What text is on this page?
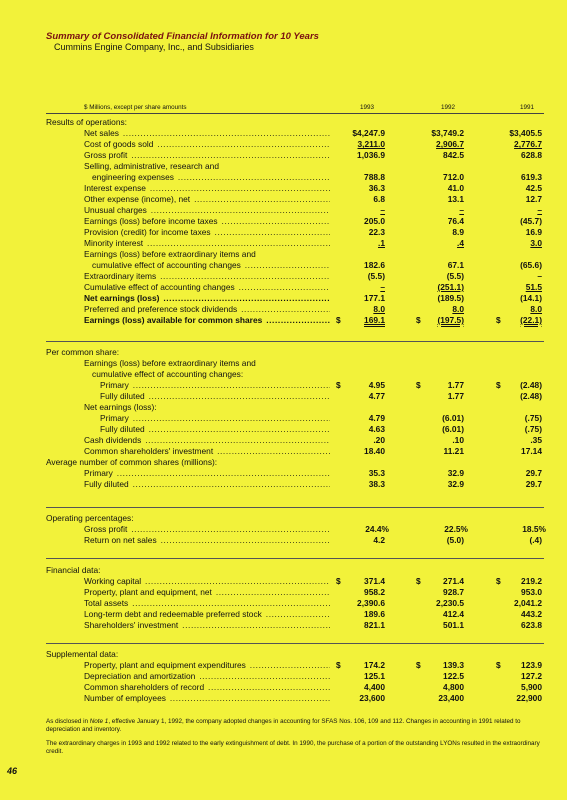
Summary of Consolidated Financial Information for 10 Years
Cummins Engine Company, Inc., and Subsidiaries
$ Millions, except per share amounts	1993	1992	1991
Results of operations:
Net sales .....	$4,247.9	$3,749.2	$3,405.5
Cost of goods sold .....	3,211.0	2,906.7	2,776.7
Gross profit .....	1,036.9	842.5	628.8
Selling, administrative, research and
engineering expenses .....	788.8	712.0	619.3
Interest expense .....	36.3	41.0	42.5
Other expense (income), net .....	6.8	13.1	12.7
Unusual charges .....	–	–	–
Earnings (loss) before income taxes .....	205.0	76.4	(45.7)
Provision (credit) for income taxes .....	22.3	8.9	16.9
Minority interest .....	.1	.4	3.0
Earnings (loss) before extraordinary items and
cumulative effect of accounting changes .....	182.6	67.1	(65.6)
Extraordinary items .....	(5.5)	(5.5)	–
Cumulative effect of accounting changes .....	–	(251.1)	51.5
Net earnings (loss) .....	177.1	(189.5)	(14.1)
Preferred and preference stock dividends .....	8.0	8.0	8.0
Earnings (loss) available for common shares .....	$	169.1	$	(197.5)	$	(22.1)
Per common share:
Earnings (loss) before extraordinary items and
cumulative effect of accounting changes:
Primary .....	$	4.95	$	1.77	$	(2.48)
Fully diluted .....	4.77	1.77	(2.48)
Net earnings (loss):
Primary .....	4.79	(6.01)	(.75)
Fully diluted .....	4.63	(6.01)	(.75)
Cash dividends .....	.20	.10	.35
Common shareholders' investment .....	18.40	11.21	17.14
Average number of common shares (millions):
Primary .....	35.3	32.9	29.7
Fully diluted .....	38.3	32.9	29.7
Operating percentages:
Gross profit .....	24.4%	22.5%	18.5%
Return on net sales .....	4.2	(5.0)	(.4)
Financial data:
Working capital .....	$	371.4	$	271.4	$	219.2
Property, plant and equipment, net .....	958.2	928.7	953.0
Total assets .....	2,390.6	2,230.5	2,041.2
Long-term debt and redeemable preferred stock .....	189.6	412.4	443.2
Shareholders' investment .....	821.1	501.1	623.8
Supplemental data:
Property, plant and equipment expenditures .....	$	174.2	$	139.3	$	123.9
Depreciation and amortization .....	125.1	122.5	127.2
Common shareholders of record .....	4,400	4,800	5,900
Number of employees .....	23,600	23,400	22,900
As disclosed in Note 1, effective January 1, 1992, the company adopted changes in accounting for SFAS Nos. 106, 109 and 112. Changes in accounting in 1991 related to depreciation and inventory.
The extraordinary charges in 1993 and 1992 related to the early extinguishment of debt. In 1990, the purchase of a portion of the outstanding LYONs resulted in the extraordinary credit.
46
